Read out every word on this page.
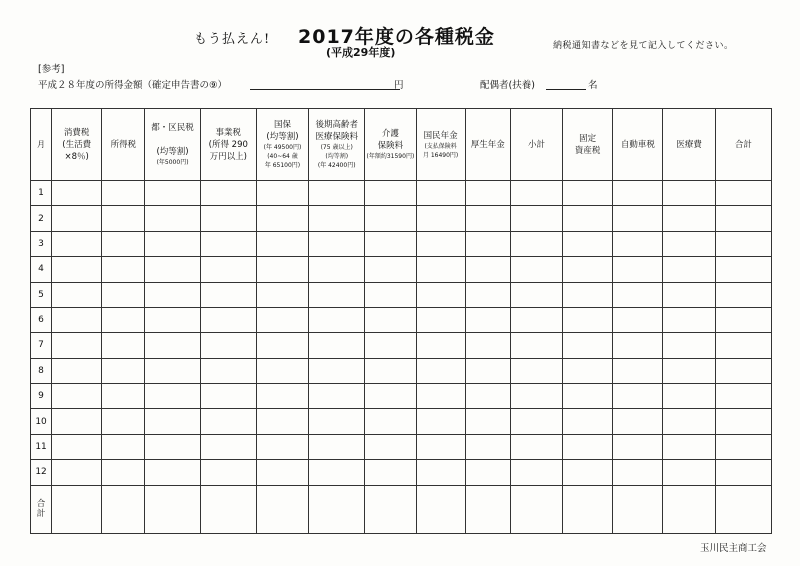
もう払えん! 2017年度の各種税金
(平成29年度)	納税通知書などを見て記入してください。
[参考]
平成２８年度の所得金額（確定申告書の⑨）	円	配偶者(扶養)	名
月	消費税
(生活費
×8％)	所得税	都・区民税

(均等割)
(年5000円)	事業税
(所得 290
万円以上)	国保
(均等割)
(年 49500円)
(40~64 歳
年 65100円)	後期高齢者
医療保険料
(75 歳以上)
(均等割)
(年 42400円)	介護
保険料
(年額約31590円)	国民年金
(支払保険料
月 16490円)	厚生年金	小計	固定
資産税	自動車税	医療費	合計
1														
2														
3														
4														
5														
6														
7														
8														
9														
10														
11														
12														
合
計														
玉川民主商工会
